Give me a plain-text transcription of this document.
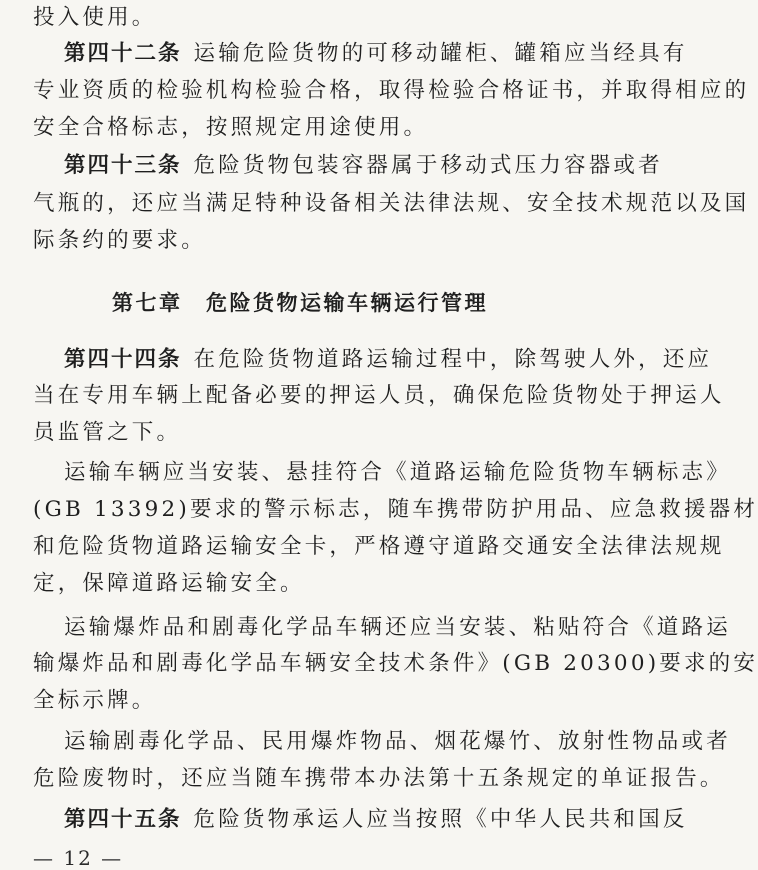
投入使用。
第四十二条 运输危险货物的可移动罐柜、罐箱应当经具有
专业资质的检验机构检验合格，取得检验合格证书，并取得相应的
安全合格标志，按照规定用途使用。
第四十三条 危险货物包装容器属于移动式压力容器或者
气瓶的，还应当满足特种设备相关法律法规、安全技术规范以及国
际条约的要求。
第七章　危险货物运输车辆运行管理
第四十四条 在危险货物道路运输过程中，除驾驶人外，还应
当在专用车辆上配备必要的押运人员，确保危险货物处于押运人
员监管之下。
运输车辆应当安装、悬挂符合《道路运输危险货物车辆标志》
(GB 13392)要求的警示标志，随车携带防护用品、应急救援器材
和危险货物道路运输安全卡，严格遵守道路交通安全法律法规规
定，保障道路运输安全。
运输爆炸品和剧毒化学品车辆还应当安装、粘贴符合《道路运
输爆炸品和剧毒化学品车辆安全技术条件》(GB 20300)要求的安
全标示牌。
运输剧毒化学品、民用爆炸物品、烟花爆竹、放射性物品或者
危险废物时，还应当随车携带本办法第十五条规定的单证报告。
第四十五条 危险货物承运人应当按照《中华人民共和国反
— 12 —
